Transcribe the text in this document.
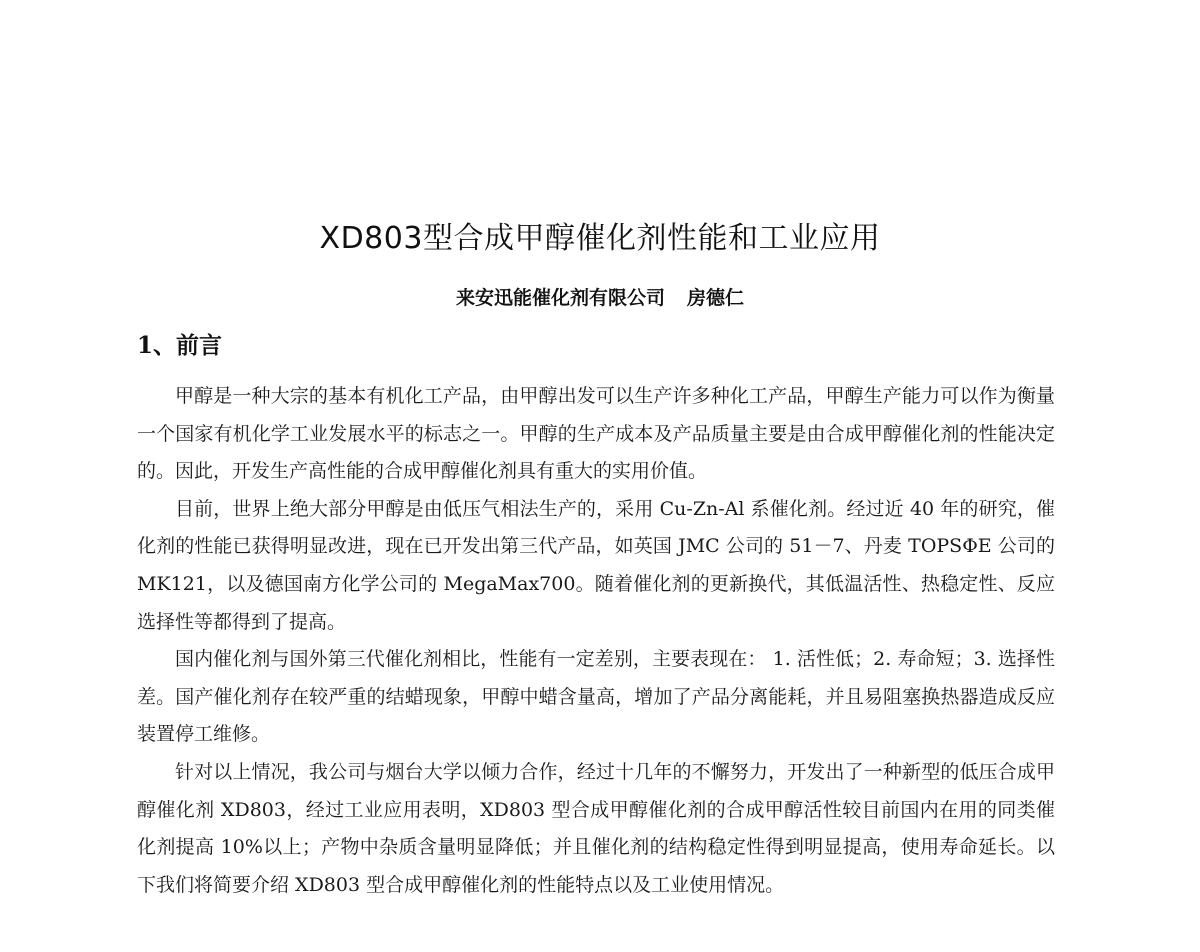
XD803型合成甲醇催化剂性能和工业应用
来安迅能催化剂有限公司 房德仁
1、前言

甲醇是一种大宗的基本有机化工产品，由甲醇出发可以生产许多种化工产品，甲醇生产能力可以作为衡量一个国家有机化学工业发展水平的标志之一。甲醇的生产成本及产品质量主要是由合成甲醇催化剂的性能决定的。因此，开发生产高性能的合成甲醇催化剂具有重大的实用价值。

目前，世界上绝大部分甲醇是由低压气相法生产的，采用 Cu-Zn-Al 系催化剂。经过近 40 年的研究，催化剂的性能已获得明显改进，现在已开发出第三代产品，如英国 JMC 公司的 51－7、丹麦 TOPSΦE 公司的 MK121，以及德国南方化学公司的 MegaMax700。随着催化剂的更新换代，其低温活性、热稳定性、反应选择性等都得到了提高。

国内催化剂与国外第三代催化剂相比，性能有一定差别，主要表现在： 1. 活性低；2. 寿命短；3. 选择性差。国产催化剂存在较严重的结蜡现象，甲醇中蜡含量高，增加了产品分离能耗，并且易阻塞换热器造成反应装置停工维修。

针对以上情况，我公司与烟台大学以倾力合作，经过十几年的不懈努力，开发出了一种新型的低压合成甲醇催化剂 XD803，经过工业应用表明，XD803 型合成甲醇催化剂的合成甲醇活性较目前国内在用的同类催化剂提高 10%以上；产物中杂质含量明显降低；并且催化剂的结构稳定性得到明显提高，使用寿命延长。以下我们将简要介绍 XD803 型合成甲醇催化剂的性能特点以及工业使用情况。
